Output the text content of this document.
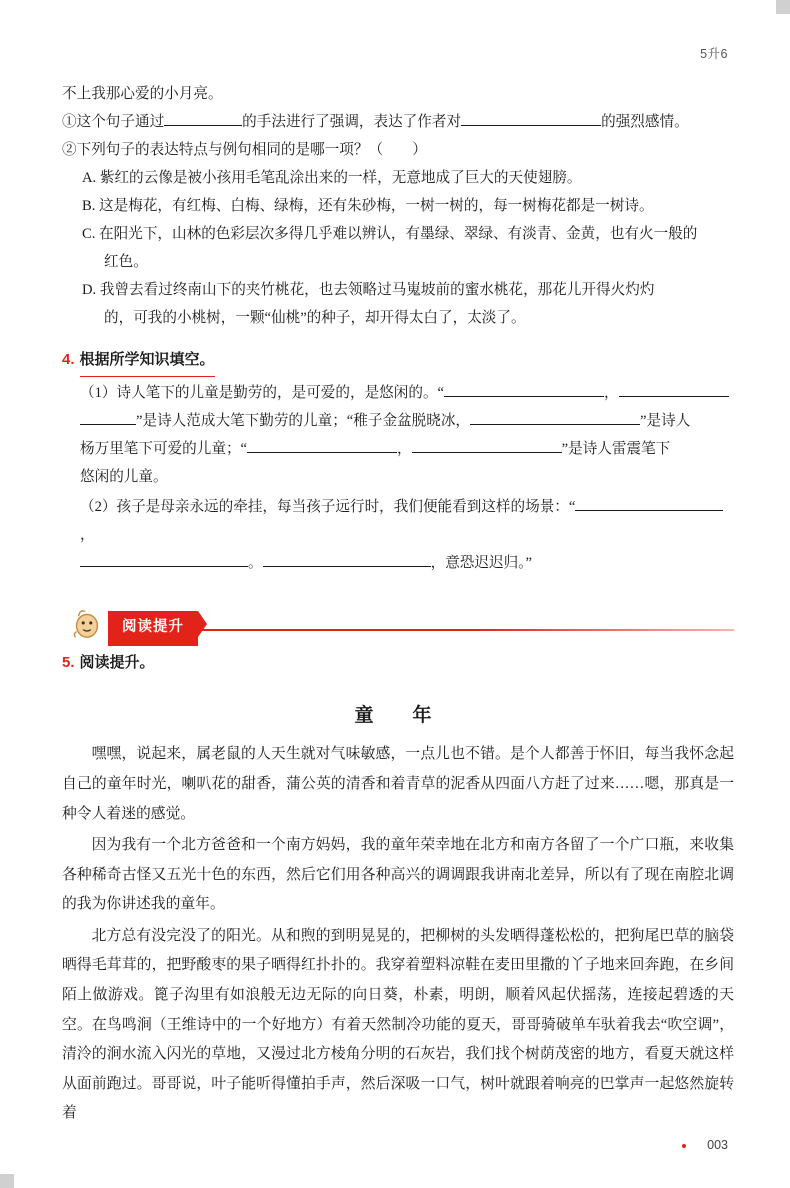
5升6
不上我那心爱的小月亮。
①这个句子通过	的手法进行了强调，表达了作者对	的强烈感情。
②下列句子的表达特点与例句相同的是哪一项？（　　）
A. 紫红的云像是被小孩用毛笔乱涂出来的一样，无意地成了巨大的天使翅膀。
B. 这是梅花，有红梅、白梅、绿梅，还有朱砂梅，一树一树的，每一树梅花都是一树诗。
C. 在阳光下，山林的色彩层次多得几乎难以辨认，有墨绿、翠绿、有淡青、金黄，也有火一般的
红色。
D. 我曾去看过终南山下的夹竹桃花，也去领略过马嵬坡前的蜜水桃花，那花儿开得火灼灼
的，可我的小桃树，一颗“仙桃”的种子，却开得太白了，太淡了。
4. 根据所学知识填空。
（1）诗人笔下的儿童是勤劳的，是可爱的，是悠闲的。“	，
”是诗人范成大笔下勤劳的儿童；“稚子金盆脱晓冰，	”是诗人
杨万里笔下可爱的儿童；“	，	”是诗人雷震笔下
悠闲的儿童。
（2）孩子是母亲永远的牵挂，每当孩子远行时，我们便能看到这样的场景：“，
。	，意恐迟迟归。”
阅读提升
5. 阅读提升。
童　年
嘿嘿，说起来，属老鼠的人天生就对气味敏感，一点儿也不错。是个人都善于怀旧，每当我怀念起自己的童年时光，喇叭花的甜香，蒲公英的清香和着青草的泥香从四面八方赶了过来……嗯，那真是一种令人着迷的感觉。
因为我有一个北方爸爸和一个南方妈妈，我的童年荣幸地在北方和南方各留了一个广口瓶，来收集各种稀奇古怪又五光十色的东西，然后它们用各种高兴的调调跟我讲南北差异，所以有了现在南腔北调的我为你讲述我的童年。
北方总有没完没了的阳光。从和煦的到明晃晃的，把柳树的头发晒得蓬松松的，把狗尾巴草的脑袋晒得毛茸茸的，把野酸枣的果子晒得红扑扑的。我穿着塑料凉鞋在麦田里撒的丫子地来回奔跑，在乡间陌上做游戏。篦子沟里有如浪般无边无际的向日葵，朴素，明朗，顺着风起伏摇荡，连接起碧透的天空。在鸟鸣涧（王维诗中的一个好地方）有着天然制冷功能的夏天，哥哥骑破单车驮着我去“吹空调”，清泠的涧水流入闪光的草地，又漫过北方棱角分明的石灰岩，我们找个树荫茂密的地方，看夏天就这样从面前跑过。哥哥说，叶子能听得懂拍手声，然后深吸一口气，树叶就跟着响亮的巴掌声一起悠然旋转着
003
